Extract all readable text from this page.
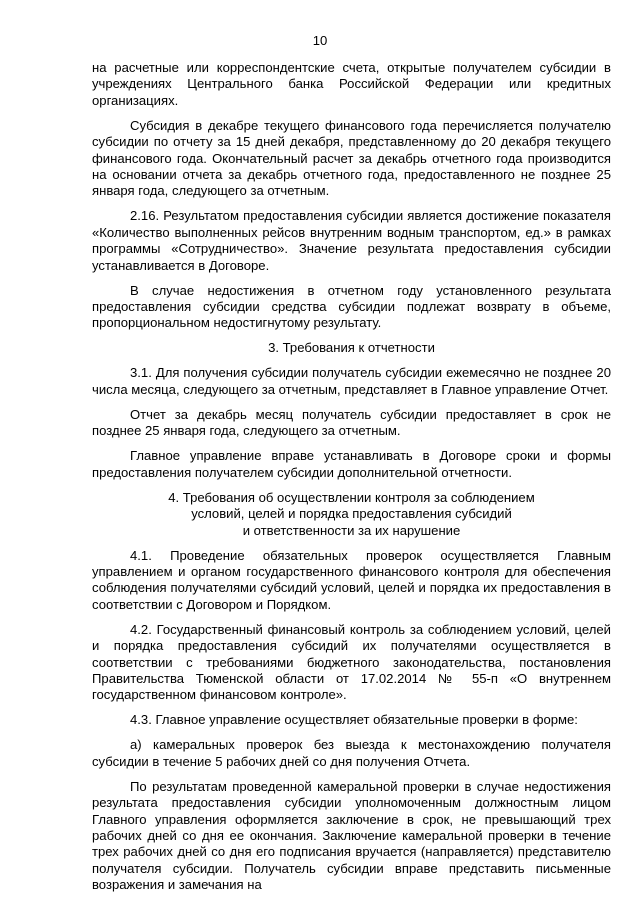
10

на расчетные или корреспондентские счета, открытые получателем субсидии в учреждениях Центрального банка Российской Федерации или кредитных организациях.

Субсидия в декабре текущего финансового года перечисляется получателю субсидии по отчету за 15 дней декабря, представленному до 20 декабря текущего финансового года. Окончательный расчет за декабрь отчетного года производится на основании отчета за декабрь отчетного года, предоставленного не позднее 25 января года, следующего за отчетным.

2.16. Результатом предоставления субсидии является достижение показателя «Количество выполненных рейсов внутренним водным транспортом, ед.» в рамках программы «Сотрудничество». Значение результата предоставления субсидии устанавливается в Договоре.

В случае недостижения в отчетном году установленного результата предоставления субсидии средства субсидии подлежат возврату в объеме, пропорциональном недостигнутому результату.

3. Требования к отчетности

3.1. Для получения субсидии получатель субсидии ежемесячно не позднее 20 числа месяца, следующего за отчетным, представляет в Главное управление Отчет.

Отчет за декабрь месяц получатель субсидии предоставляет в срок не позднее 25 января года, следующего за отчетным.

Главное управление вправе устанавливать в Договоре сроки и формы предоставления получателем субсидии дополнительной отчетности.

4. Требования об осуществлении контроля за соблюдением
условий, целей и порядка предоставления субсидий
и ответственности за их нарушение

4.1. Проведение обязательных проверок осуществляется Главным управлением и органом государственного финансового контроля для обеспечения соблюдения получателями субсидий условий, целей и порядка их предоставления в соответствии с Договором и Порядком.

4.2. Государственный финансовый контроль за соблюдением условий, целей и порядка предоставления субсидий их получателями осуществляется в соответствии с требованиями бюджетного законодательства, постановления Правительства Тюменской области от 17.02.2014 № 55-п «О внутреннем государственном финансовом контроле».

4.3. Главное управление осуществляет обязательные проверки в форме:

а) камеральных проверок без выезда к местонахождению получателя субсидии в течение 5 рабочих дней со дня получения Отчета.

По результатам проведенной камеральной проверки в случае недостижения результата предоставления субсидии уполномоченным должностным лицом Главного управления оформляется заключение в срок, не превышающий трех рабочих дней со дня ее окончания. Заключение камеральной проверки в течение трех рабочих дней со дня его подписания вручается (направляется) представителю получателя субсидии. Получатель субсидии вправе представить письменные возражения и замечания на
